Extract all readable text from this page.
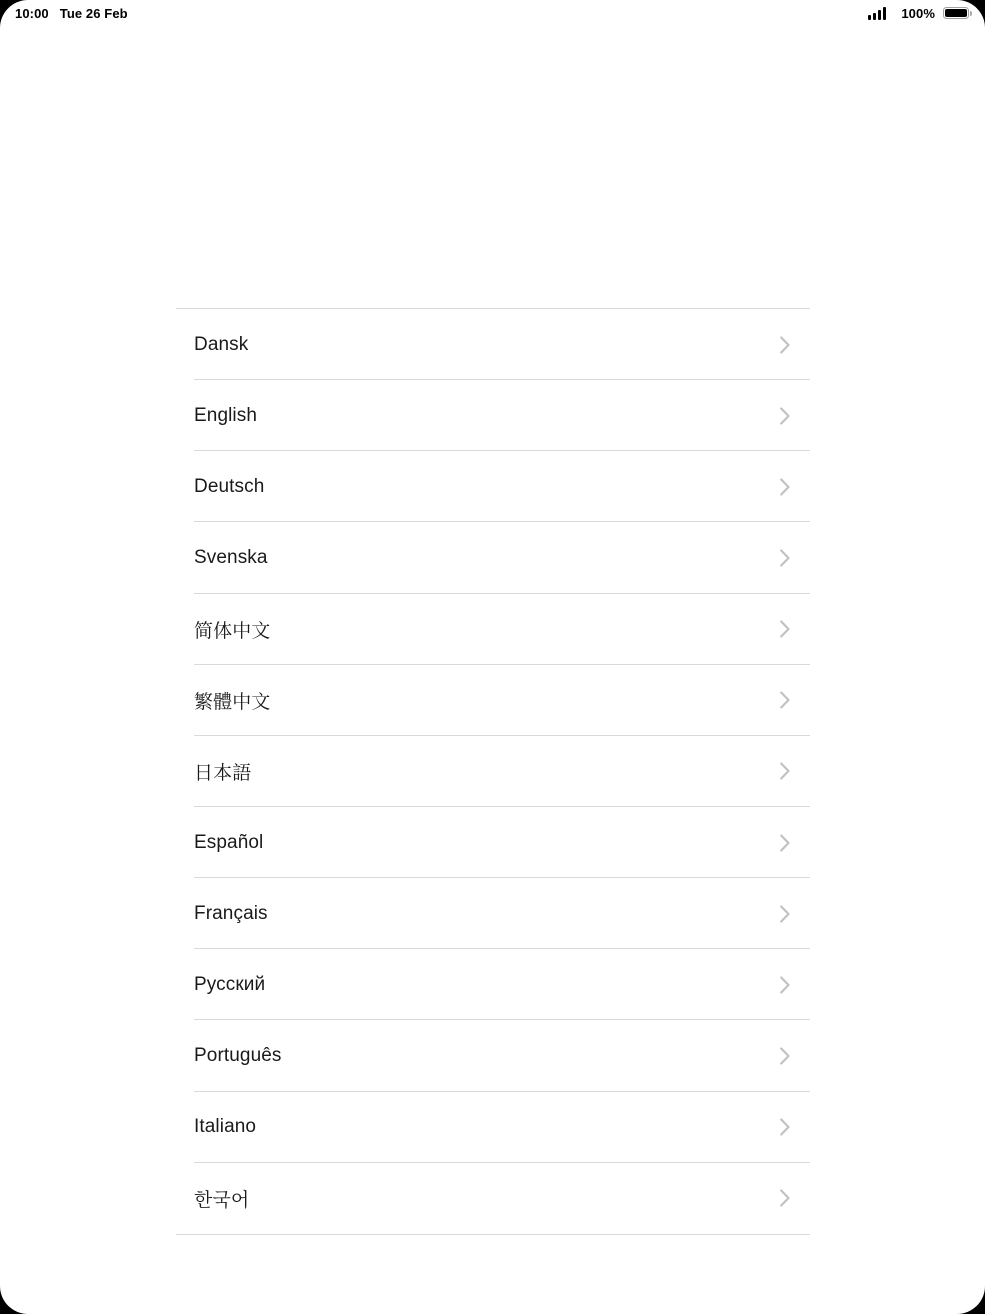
10:00 Tue 26 Feb	100%
Dansk
English
Deutsch
Svenska
简体中文
繁體中文
日本語
Español
Français
Русский
Português
Italiano
한국어
